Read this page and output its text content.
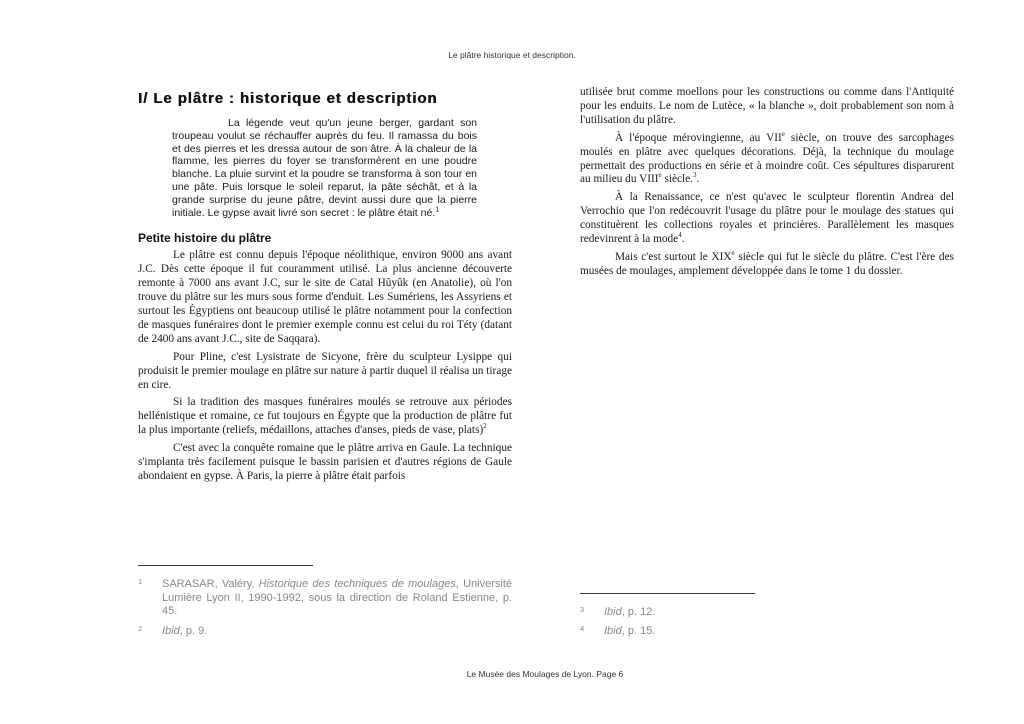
Le plâtre historique et description.
I/ Le plâtre : historique et description
La légende veut qu'un jeune berger, gardant son troupeau voulut se réchauffer auprès du feu. Il ramassa du bois et des pierres et les dressa autour de son âtre. À la chaleur de la flamme, les pierres du foyer se transformèrent en une poudre blanche. La pluie survint et la poudre se transforma à son tour en une pâte. Puis lorsque le soleil reparut, la pâte séchât, et à la grande surprise du jeune pâtre, devint aussi dure que la pierre initiale. Le gypse avait livré son secret : le plâtre était né.$^1$
Petite histoire du plâtre

Le plâtre est connu depuis l'époque néolithique, environ 9000 ans avant J.C. Dès cette époque il fut couramment utilisé. La plus ancienne découverte remonte à 7000 ans avant J.C, sur le site de Catal Hûyûk (en Anatolie), où l'on trouve du plâtre sur les murs sous forme d'enduit. Les Sumériens, les Assyriens et surtout les Égyptiens ont beaucoup utilisé le plâtre notamment pour la confection de masques funéraires dont le premier exemple connu est celui du roi Téty (datant de 2400 ans avant J.C., site de Saqqara).

Pour Pline, c'est Lysistrate de Sicyone, frère du sculpteur Lysippe qui produisit le premier moulage en plâtre sur nature à partir duquel il réalisa un tirage en cire.

Si la tradition des masques funéraires moulés se retrouve aux périodes hellénistique et romaine, ce fut toujours en Égypte que la production de plâtre fut la plus importante (reliefs, médaillons, attaches d'anses, pieds de vase, plats)$^2$

C'est avec la conquête romaine que le plâtre arriva en Gaule. La technique s'implanta très facilement puisque le bassin parisien et d'autres régions de Gaule abondaient en gypse. À Paris, la pierre à plâtre était parfois

utilisée brut comme moellons pour les constructions ou comme dans l'Antiquité pour les enduits. Le nom de Lutèce, « la blanche », doit probablement son nom à l'utilisation du plâtre.

À l'époque mérovingienne, au VIIe siècle, on trouve des sarcophages moulés en plâtre avec quelques décorations. Déjà, la technique du moulage permettait des productions en série et à moindre coût. Ces sépultures disparurent au milieu du VIIIe siècle.$^3$.

À la Renaissance, ce n'est qu'avec le sculpteur florentin Andrea del Verrochio que l'on redécouvrit l'usage du plâtre pour le moulage des statues qui constituèrent les collections royales et princières. Parallèlement les masques redevinrent à la mode$^4$.

Mais c'est surtout le XIXe siècle qui fut le siècle du plâtre. C'est l'ère des musées de moulages, amplement développée dans le tome 1 du dossier.

1 SARASAR, Valéry, Historique des techniques de moulages, Université Lumière Lyon II, 1990-1992, sous la direction de Roland Estienne, p. 45.
2 Ibid, p. 9.
3 Ibid, p. 12.
4 Ibid, p. 15.
Le Musée des Moulages de Lyon. Page 6
